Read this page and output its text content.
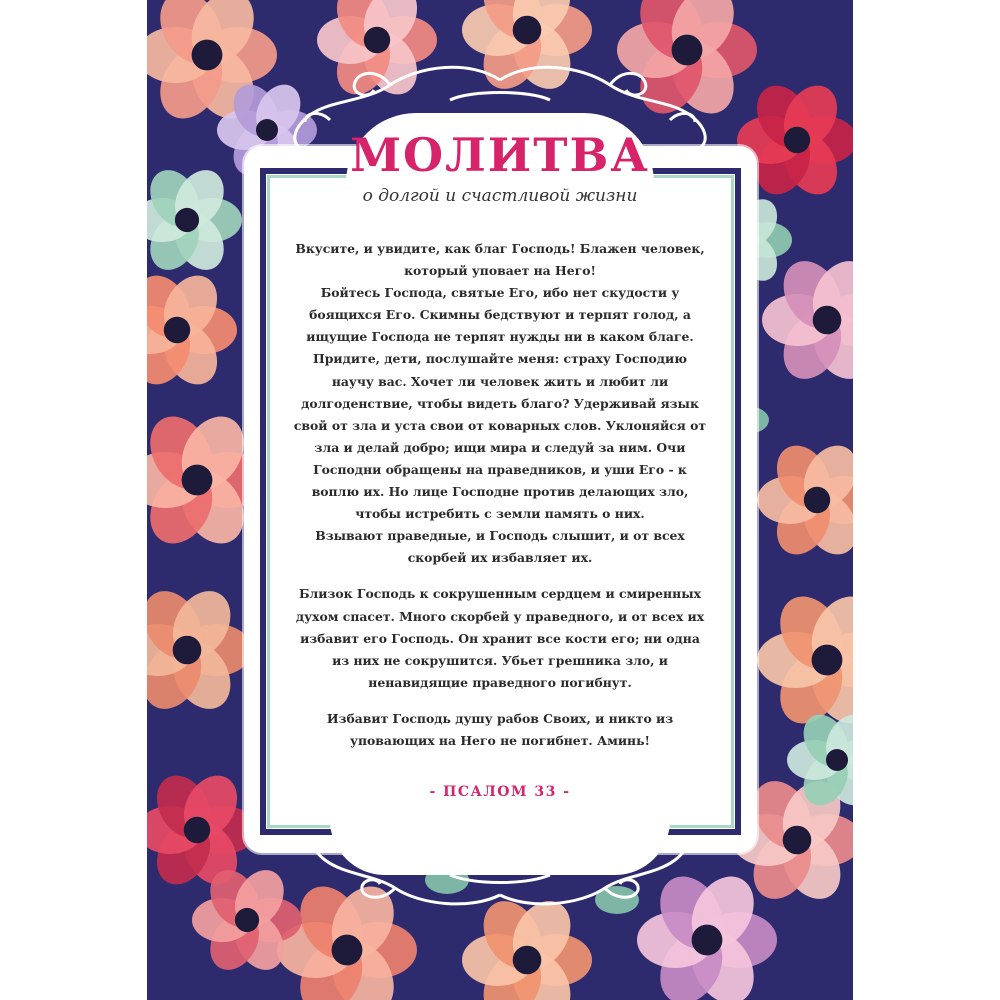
МОЛИТВА
о долгой и счастливой жизни

Вкусите, и увидите, как благ Господь! Блажен человек,
который уповает на Него!
Бойтесь Господа, святые Его, ибо нет скудости у
боящихся Его. Скимны бедствуют и терпят голод, а
ищущие Господа не терпят нужды ни в каком благе.
Придите, дети, послушайте меня: страху Господию
научу вас. Хочет ли человек жить и любит ли
долгоденствие, чтобы видеть благо? Удерживай язык
свой от зла и уста свои от коварных слов. Уклоняйся от
зла и делай добро; ищи мира и следуй за ним. Очи
Господни обращены на праведников, и уши Его - к
воплю их. Но лице Господне против делающих зло,
чтобы истребить с земли память о них.
Взывают праведные, и Господь слышит, и от всех
скорбей их избавляет их.

Близок Господь к сокрушенным сердцем и смиренных
духом спасет. Много скорбей у праведного, и от всех их
избавит его Господь. Он хранит все кости его; ни одна
из них не сокрушится. Убьет грешника зло, и
ненавидящие праведного погибнут.

Избавит Господь душу рабов Своих, и никто из
уповающих на Него не погибнет. Аминь!

- ПСАЛОМ 33 -
